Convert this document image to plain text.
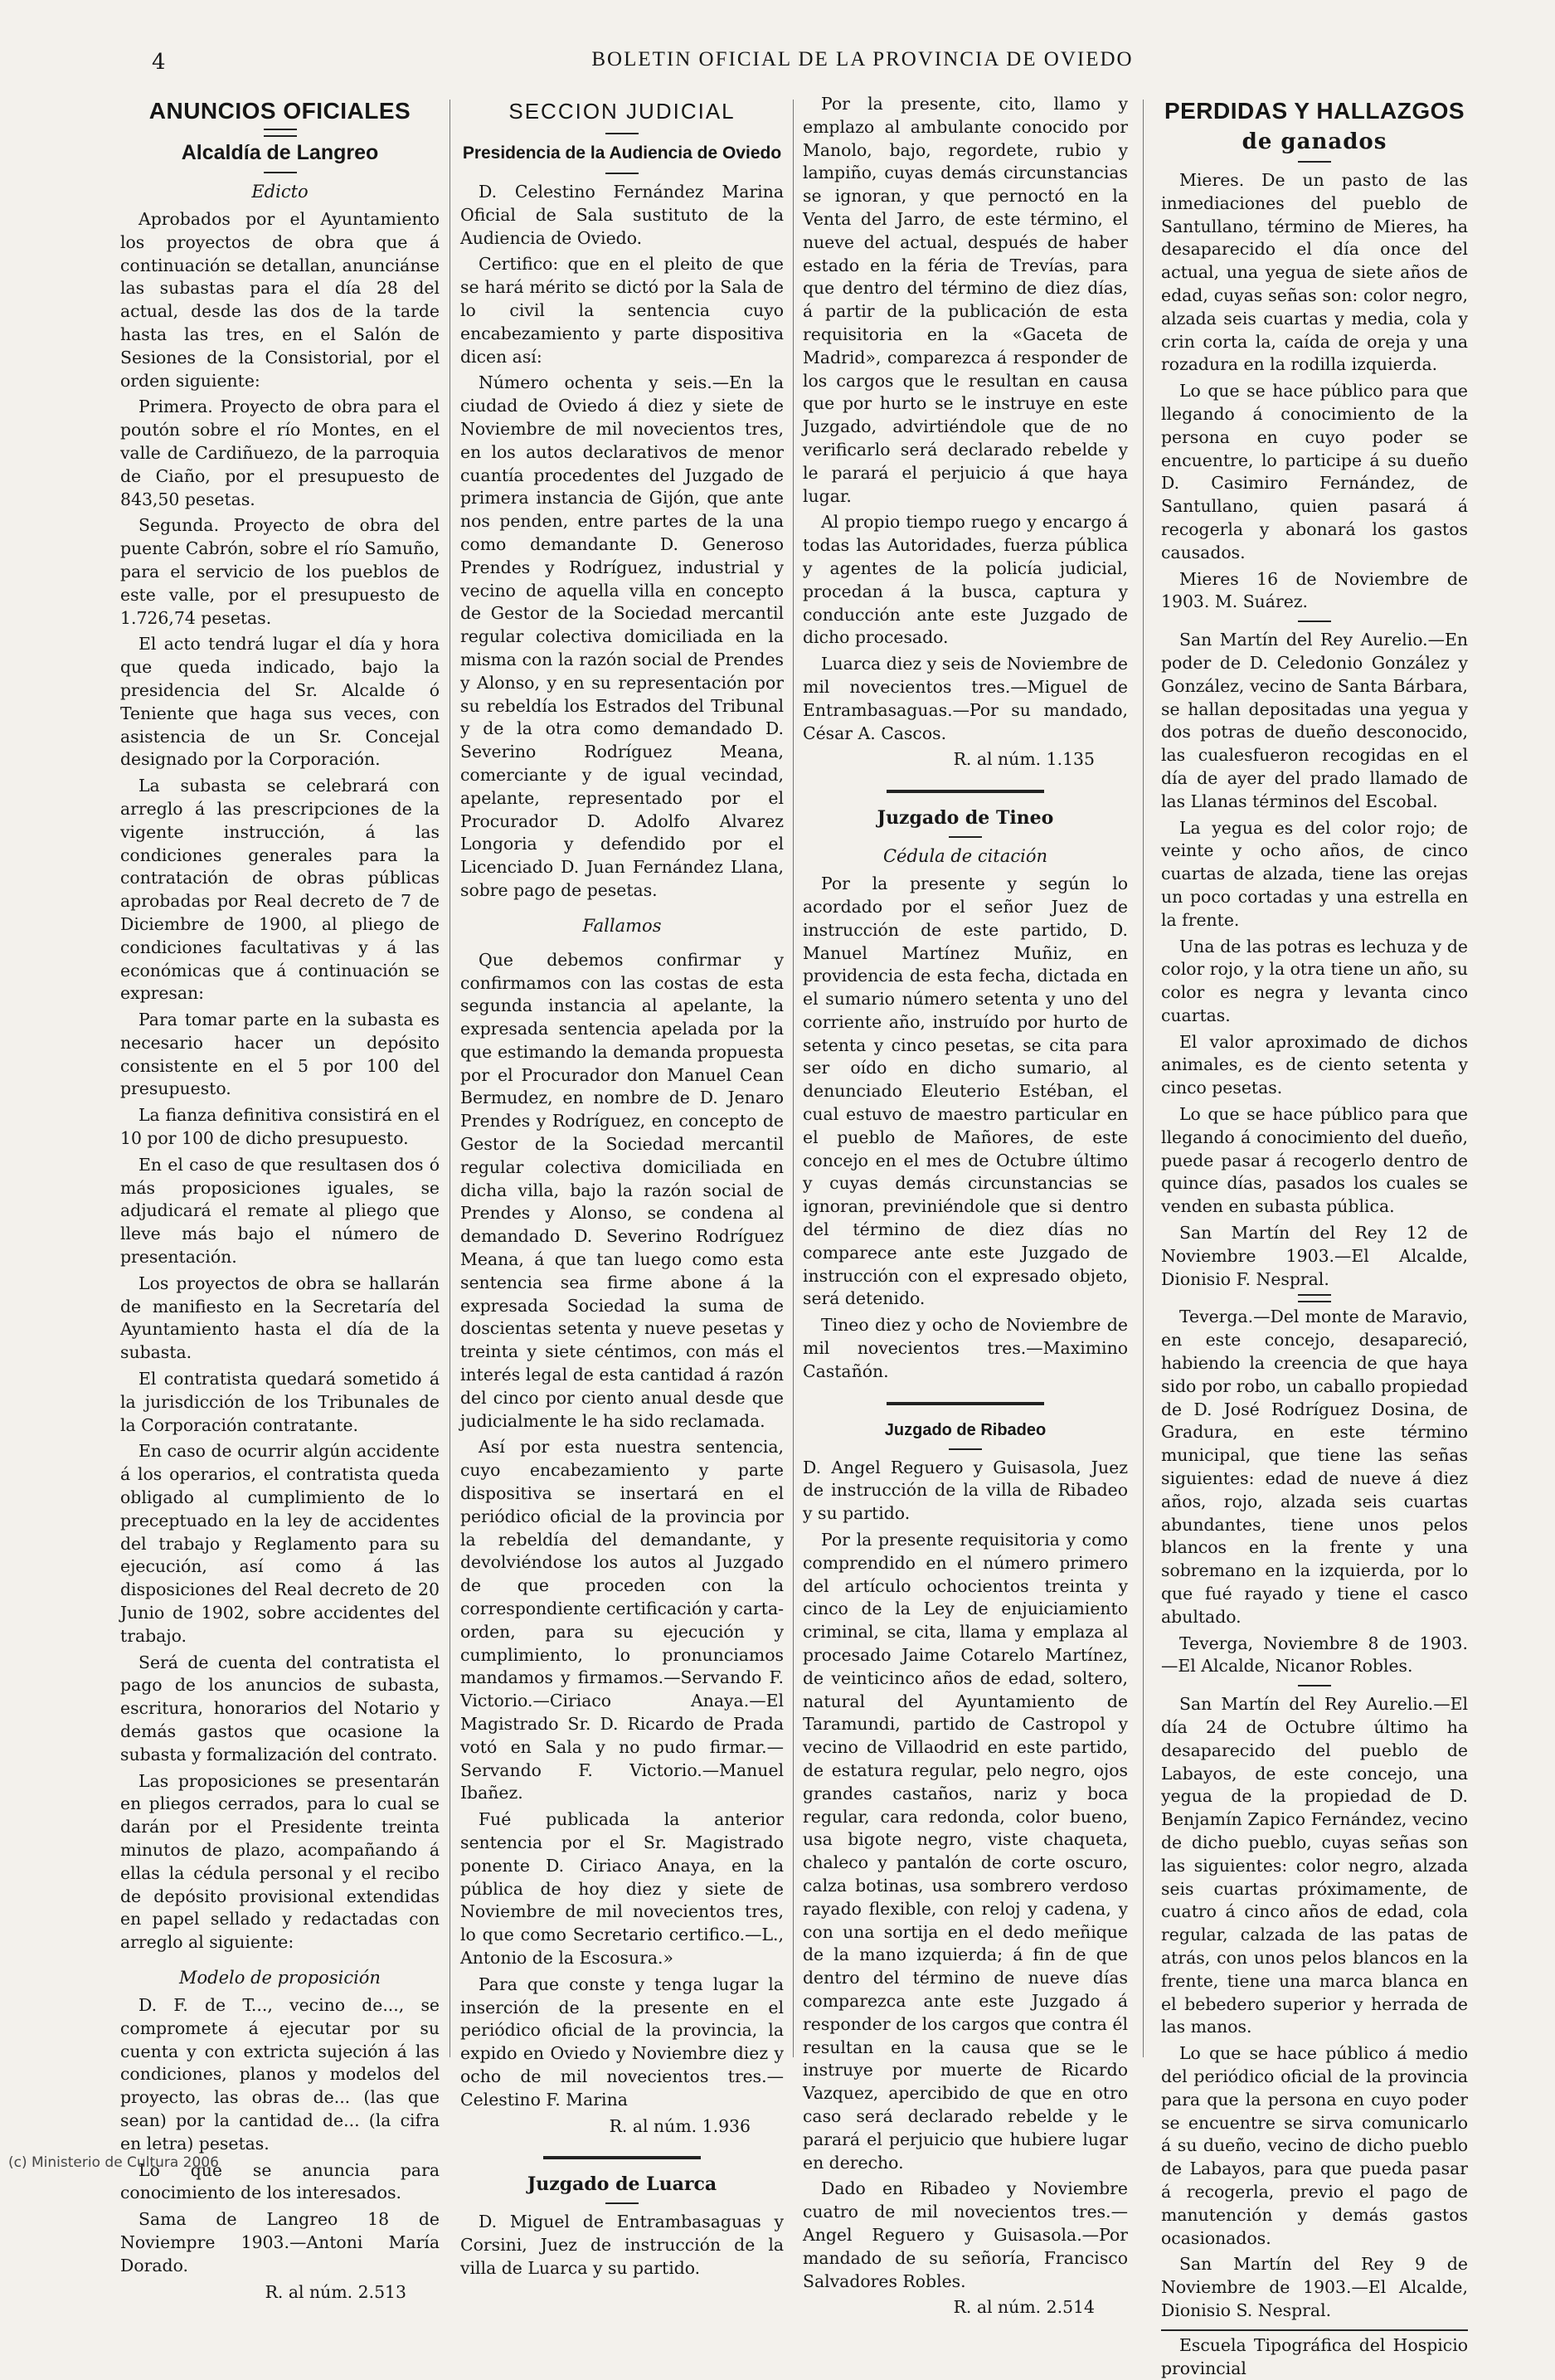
4	BOLETIN OFICIAL DE LA PROVINCIA DE OVIEDO
ANUNCIOS OFICIALES
Alcaldía de Langreo
Edicto

Aprobados por el Ayuntamiento los proyectos de obra que á continuación se detallan, anunciánse las subastas para el día 28 del actual, desde las dos de la tarde hasta las tres, en el Salón de Sesiones de la Consistorial, por el orden siguiente:

Primera. Proyecto de obra para el poutón sobre el río Montes, en el valle de Cardiñuezo, de la parroquia de Ciaño, por el presupuesto de 843,50 pesetas.

Segunda. Proyecto de obra del puente Cabrón, sobre el río Samuño, para el servicio de los pueblos de este valle, por el presupuesto de 1.726,74 pesetas.

El acto tendrá lugar el día y hora que queda indicado, bajo la presidencia del Sr. Alcalde ó Teniente que haga sus veces, con asistencia de un Sr. Concejal designado por la Corporación.

La subasta se celebrará con arreglo á las prescripciones de la vigente instrucción, á las condiciones generales para la contratación de obras públicas aprobadas por Real decreto de 7 de Diciembre de 1900, al pliego de condiciones facultativas y á las económicas que á continuación se expresan:

Para tomar parte en la subasta es necesario hacer un depósito consistente en el 5 por 100 del presupuesto.

La fianza definitiva consistirá en el 10 por 100 de dicho presupuesto.

En el caso de que resultasen dos ó más proposiciones iguales, se adjudicará el remate al pliego que lleve más bajo el número de presentación.

Los proyectos de obra se hallarán de manifiesto en la Secretaría del Ayuntamiento hasta el día de la subasta.

El contratista quedará sometido á la jurisdicción de los Tribunales de la Corporación contratante.

En caso de ocurrir algún accidente á los operarios, el contratista queda obligado al cumplimiento de lo preceptuado en la ley de accidentes del trabajo y Reglamento para su ejecución, así como á las disposiciones del Real decreto de 20 Junio de 1902, sobre accidentes del trabajo.

Será de cuenta del contratista el pago de los anuncios de subasta, escritura, honorarios del Notario y demás gastos que ocasione la subasta y formalización del contrato.

Las proposiciones se presentarán en pliegos cerrados, para lo cual se darán por el Presidente treinta minutos de plazo, acompañando á ellas la cédula personal y el recibo de depósito provisional extendidas en papel sellado y redactadas con arreglo al siguiente:

Modelo de proposición

D. F. de T..., vecino de..., se compromete á ejecutar por su cuenta y con extricta sujeción á las condiciones, planos y modelos del proyecto, las obras de... (las que sean) por la cantidad de... (la cifra en letra) pesetas.

Lo que se anuncia para conocimiento de los interesados.

Sama de Langreo 18 de Noviempre 1903.—Antoni María Dorado.

R. al núm. 2.513

SECCION JUDICIAL
Presidencia de la Audiencia de Oviedo

D. Celestino Fernández Marina Oficial de Sala sustituto de la Audiencia de Oviedo.

Certifico: que en el pleito de que se hará mérito se dictó por la Sala de lo civil la sentencia cuyo encabezamiento y parte dispositiva dicen así:

Número ochenta y seis.—En la ciudad de Oviedo á diez y siete de Noviembre de mil novecientos tres, en los autos declarativos de menor cuantía procedentes del Juzgado de primera instancia de Gijón, que ante nos penden, entre partes de la una como demandante D. Generoso Prendes y Rodríguez, industrial y vecino de aquella villa en concepto de Gestor de la Sociedad mercantil regular colectiva domiciliada en la misma con la razón social de Prendes y Alonso, y en su representación por su rebeldía los Estrados del Tribunal y de la otra como demandado D. Severino Rodríguez Meana, comerciante y de igual vecindad, apelante, representado por el Procurador D. Adolfo Alvarez Longoria y defendido por el Licenciado D. Juan Fernández Llana, sobre pago de pesetas.

Fallamos

Que debemos confirmar y confirmamos con las costas de esta segunda instancia al apelante, la expresada sentencia apelada por la que estimando la demanda propuesta por el Procurador don Manuel Cean Bermudez, en nombre de D. Jenaro Prendes y Rodríguez, en concepto de Gestor de la Sociedad mercantil regular colectiva domiciliada en dicha villa, bajo la razón social de Prendes y Alonso, se condena al demandado D. Severino Rodríguez Meana, á que tan luego como esta sentencia sea firme abone á la expresada Sociedad la suma de doscientas setenta y nueve pesetas y treinta y siete céntimos, con más el interés legal de esta cantidad á razón del cinco por ciento anual desde que judicialmente le ha sido reclamada.

Así por esta nuestra sentencia, cuyo encabezamiento y parte dispositiva se insertará en el periódico oficial de la provincia por la rebeldía del demandante, y devolviéndose los autos al Juzgado de que proceden con la correspondiente certificación y carta-orden, para su ejecución y cumplimiento, lo pronunciamos mandamos y firmamos.—Servando F. Victorio.—Ciriaco Anaya.—El Magistrado Sr. D. Ricardo de Prada votó en Sala y no pudo firmar.—Servando F. Victorio.—Manuel Ibañez.

Fué publicada la anterior sentencia por el Sr. Magistrado ponente D. Ciriaco Anaya, en la pública de hoy diez y siete de Noviembre de mil novecientos tres, lo que como Secretario certifico.—L., Antonio de la Escosura.»

Para que conste y tenga lugar la inserción de la presente en el periódico oficial de la provincia, la expido en Oviedo y Noviembre diez y ocho de mil novecientos tres.—Celestino F. Marina

R. al núm. 1.936

Juzgado de Luarca

D. Miguel de Entrambasaguas y Corsini, Juez de instrucción de la villa de Luarca y su partido.

Por la presente, cito, llamo y emplazo al ambulante conocido por Manolo, bajo, regordete, rubio y lampiño, cuyas demás circunstancias se ignoran, y que pernoctó en la Venta del Jarro, de este término, el nueve del actual, después de haber estado en la féria de Trevías, para que dentro del término de diez días, á partir de la publicación de esta requisitoria en la «Gaceta de Madrid», comparezca á responder de los cargos que le resultan en causa que por hurto se le instruye en este Juzgado, advirtiéndole que de no verificarlo será declarado rebelde y le parará el perjuicio á que haya lugar.

Al propio tiempo ruego y encargo á todas las Autoridades, fuerza pública y agentes de la policía judicial, procedan á la busca, captura y conducción ante este Juzgado de dicho procesado.

Luarca diez y seis de Noviembre de mil novecientos tres.—Miguel de Entrambasaguas.—Por su mandado, César A. Cascos.

R. al núm. 1.135

Juzgado de Tineo
Cédula de citación

Por la presente y según lo acordado por el señor Juez de instrucción de este partido, D. Manuel Martínez Muñiz, en providencia de esta fecha, dictada en el sumario número setenta y uno del corriente año, instruído por hurto de setenta y cinco pesetas, se cita para ser oído en dicho sumario, al denunciado Eleuterio Estéban, el cual estuvo de maestro particular en el pueblo de Mañores, de este concejo en el mes de Octubre último y cuyas demás circunstancias se ignoran, previniéndole que si dentro del término de diez días no comparece ante este Juzgado de instrucción con el expresado objeto, será detenido.

Tineo diez y ocho de Noviembre de mil novecientos tres.—Maximino Castañón.

Juzgado de Ribadeo

D. Angel Reguero y Guisasola, Juez de instrucción de la villa de Ribadeo y su partido.

Por la presente requisitoria y como comprendido en el número primero del artículo ochocientos treinta y cinco de la Ley de enjuiciamiento criminal, se cita, llama y emplaza al procesado Jaime Cotarelo Martínez, de veinticinco años de edad, soltero, natural del Ayuntamiento de Taramundi, partido de Castropol y vecino de Villaodrid en este partido, de estatura regular, pelo negro, ojos grandes castaños, nariz y boca regular, cara redonda, color bueno, usa bigote negro, viste chaqueta, chaleco y pantalón de corte oscuro, calza botinas, usa sombrero verdoso rayado flexible, con reloj y cadena, y con una sortija en el dedo meñique de la mano izquierda; á fin de que dentro del término de nueve días comparezca ante este Juzgado á responder de los cargos que contra él resultan en la causa que se le instruye por muerte de Ricardo Vazquez, apercibido de que en otro caso será declarado rebelde y le parará el perjuicio que hubiere lugar en derecho.

Dado en Ribadeo y Noviembre cuatro de mil novecientos tres.—Angel Reguero y Guisasola.—Por mandado de su señoría, Francisco Salvadores Robles.

R. al núm. 2.514

PERDIDAS Y HALLAZGOS
de ganados

Mieres. De un pasto de las inmediaciones del pueblo de Santullano, término de Mieres, ha desaparecido el día once del actual, una yegua de siete años de edad, cuyas señas son: color negro, alzada seis cuartas y media, cola y crin corta la, caída de oreja y una rozadura en la rodilla izquierda.

Lo que se hace público para que llegando á conocimiento de la persona en cuyo poder se encuentre, lo participe á su dueño D. Casimiro Fernández, de Santullano, quien pasará á recogerla y abonará los gastos causados.

Mieres 16 de Noviembre de 1903. M. Suárez.

San Martín del Rey Aurelio.—En poder de D. Celedonio González y González, vecino de Santa Bárbara, se hallan depositadas una yegua y dos potras de dueño desconocido, las cualesfueron recogidas en el día de ayer del prado llamado de las Llanas términos del Escobal.

La yegua es del color rojo; de veinte y ocho años, de cinco cuartas de alzada, tiene las orejas un poco cortadas y una estrella en la frente.

Una de las potras es lechuza y de color rojo, y la otra tiene un año, su color es negra y levanta cinco cuartas.

El valor aproximado de dichos animales, es de ciento setenta y cinco pesetas.

Lo que se hace público para que llegando á conocimiento del dueño, puede pasar á recogerlo dentro de quince días, pasados los cuales se venden en subasta pública.

San Martín del Rey 12 de Noviembre 1903.—El Alcalde, Dionisio F. Nespral.

Teverga.—Del monte de Maravio, en este concejo, desapareció, habiendo la creencia de que haya sido por robo, un caballo propiedad de D. José Rodríguez Dosina, de Gradura, en este término municipal, que tiene las señas siguientes: edad de nueve á diez años, rojo, alzada seis cuartas abundantes, tiene unos pelos blancos en la frente y una sobremano en la izquierda, por lo que fué rayado y tiene el casco abultado.

Teverga, Noviembre 8 de 1903. —El Alcalde, Nicanor Robles.

San Martín del Rey Aurelio.—El día 24 de Octubre último ha desaparecido del pueblo de Labayos, de este concejo, una yegua de la propiedad de D. Benjamín Zapico Fernández, vecino de dicho pueblo, cuyas señas son las siguientes: color negro, alzada seis cuartas próximamente, de cuatro á cinco años de edad, cola regular, calzada de las patas de atrás, con unos pelos blancos en la frente, tiene una marca blanca en el bebedero superior y herrada de las manos.

Lo que se hace público á medio del periódico oficial de la provincia para que la persona en cuyo poder se encuentre se sirva comunicarlo á su dueño, vecino de dicho pueblo de Labayos, para que pueda pasar á recogerla, previo el pago de manutención y demás gastos ocasionados.

San Martín del Rey 9 de Noviembre de 1903.—El Alcalde, Dionisio S. Nespral.

Escuela Tipográfica del Hospicio provincial

(c) Ministerio de Cultura 2006
